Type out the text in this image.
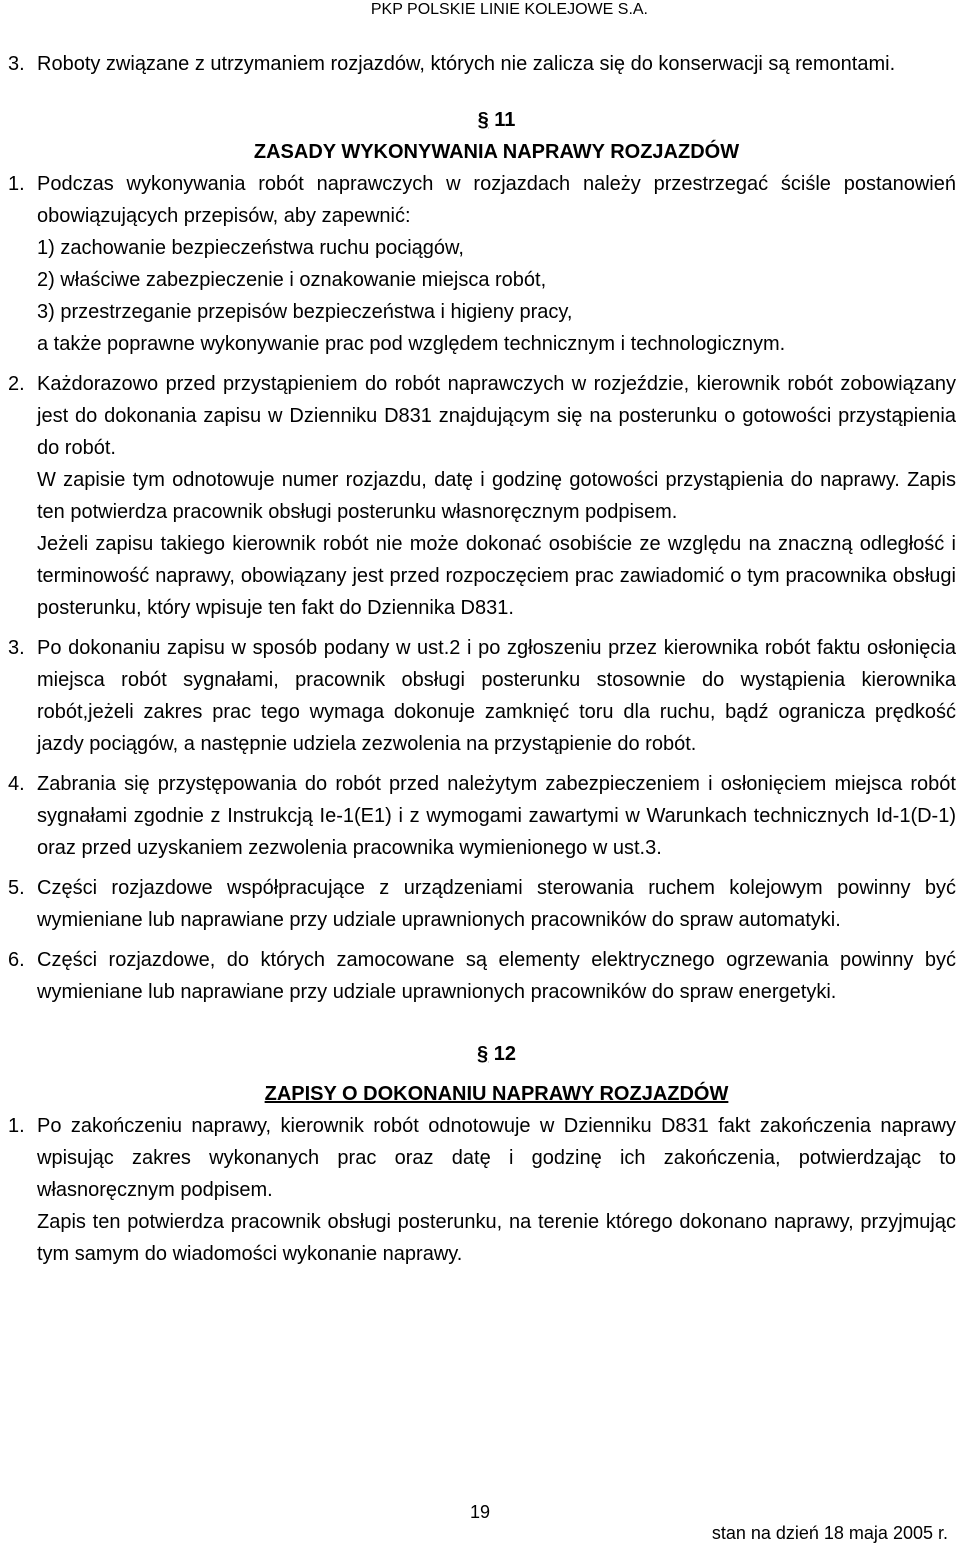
PKP POLSKIE LINIE KOLEJOWE S.A.
3. Roboty związane z utrzymaniem rozjazdów, których nie zalicza się do konserwacji są remontami.
§ 11
ZASADY WYKONYWANIA NAPRAWY ROZJAZDÓW
1. Podczas wykonywania robót naprawczych w rozjazdach należy przestrzegać ściśle postanowień obowiązujących przepisów, aby zapewnić:

1) zachowanie bezpieczeństwa ruchu pociągów,

2) właściwe zabezpieczenie i oznakowanie miejsca robót,

3) przestrzeganie przepisów bezpieczeństwa i higieny pracy,

a także poprawne wykonywanie prac pod względem technicznym i technologicznym.

2. Każdorazowo przed przystąpieniem do robót naprawczych w rozjeździe, kierownik robót zobowiązany jest do dokonania zapisu w Dzienniku D831 znajdującym się na posterunku o gotowości przystąpienia do robót.

W zapisie tym odnotowuje numer rozjazdu, datę i godzinę gotowości przystąpienia do naprawy. Zapis ten potwierdza pracownik obsługi posterunku własnoręcznym podpisem.

Jeżeli zapisu takiego kierownik robót nie może dokonać osobiście ze względu na znaczną odległość i terminowość naprawy, obowiązany jest przed rozpoczęciem prac zawiadomić o tym pracownika obsługi posterunku, który wpisuje ten fakt do Dziennika D831.

3. Po dokonaniu zapisu w sposób podany w ust.2 i po zgłoszeniu przez kierownika robót faktu osłonięcia miejsca robót sygnałami, pracownik obsługi posterunku stosownie do wystąpienia kierownika robót,jeżeli zakres prac tego wymaga dokonuje zamknięć toru dla ruchu, bądź ogranicza prędkość jazdy pociągów, a następnie udziela zezwolenia na przystąpienie do robót.
4. Zabrania się przystępowania do robót przed należytym zabezpieczeniem i osłonięciem miejsca robót sygnałami zgodnie z Instrukcją Ie-1(E1) i z wymogami zawartymi w Warunkach technicznych Id-1(D-1) oraz przed uzyskaniem zezwolenia pracownika wymienionego w ust.3.
5. Części rozjazdowe współpracujące z urządzeniami sterowania ruchem kolejowym powinny być wymieniane lub naprawiane przy udziale uprawnionych pracowników do spraw automatyki.
6. Części rozjazdowe, do których zamocowane są elementy elektrycznego ogrzewania powinny być wymieniane lub naprawiane przy udziale uprawnionych pracowników do spraw energetyki.
§ 12
ZAPISY O DOKONANIU NAPRAWY ROZJAZDÓW
1. Po zakończeniu naprawy, kierownik robót odnotowuje w Dzienniku D831 fakt zakończenia naprawy wpisując zakres wykonanych prac oraz datę i godzinę ich zakończenia, potwierdzając to własnoręcznym podpisem.

Zapis ten potwierdza pracownik obsługi posterunku, na terenie którego dokonano naprawy, przyjmując tym samym do wiadomości wykonanie naprawy.

19
stan na dzień 18 maja 2005 r.
